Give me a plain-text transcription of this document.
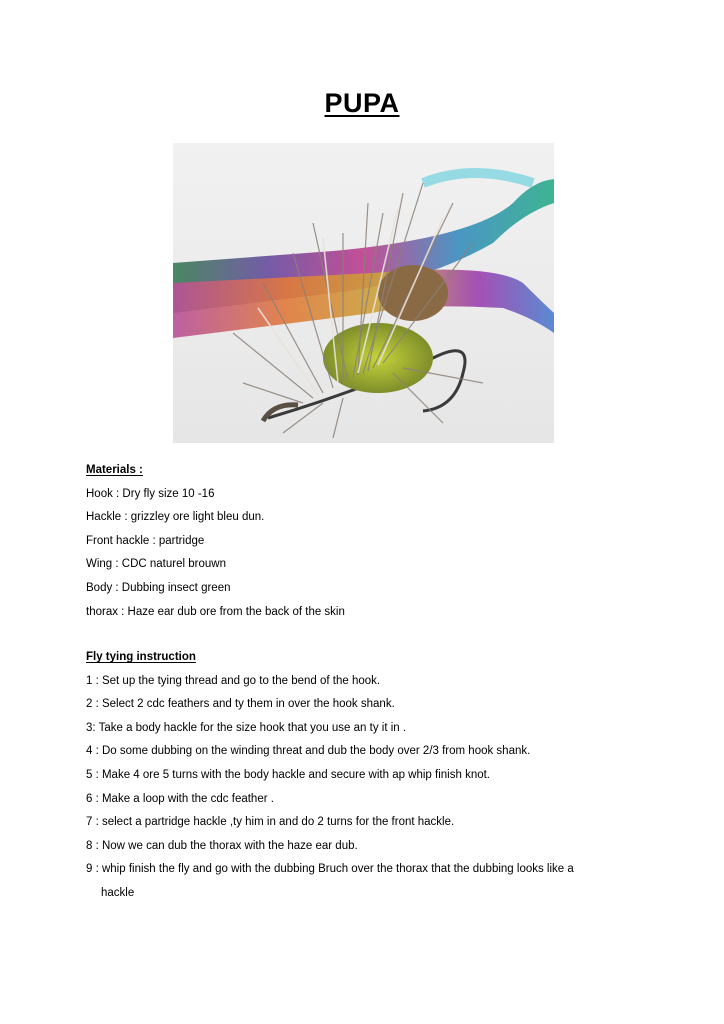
PUPA
Materials :
Hook : Dry fly size 10 -16
Hackle : grizzley ore light bleu dun.
Front hackle : partridge
Wing : CDC naturel brouwn
Body : Dubbing insect green
thorax : Haze ear dub ore from the back of the skin
Fly tying instruction
1 : Set up the tying thread and go to the bend of the hook.
2 : Select 2 cdc feathers and ty them in over the hook shank.
3: Take a body hackle for the size hook that you use an ty it in .
4 : Do some dubbing on the winding threat and dub the body over 2/3 from hook shank.
5 : Make 4 ore 5 turns with the body hackle and secure with ap whip finish knot.
6 : Make a loop with the cdc feather .
7 : select a partridge hackle ,ty him in and do 2 turns for the front hackle.
8 : Now we can dub the thorax with the haze ear dub.
9 : whip finish the fly and go with the dubbing Bruch over the thorax that the dubbing looks like a
hackle
